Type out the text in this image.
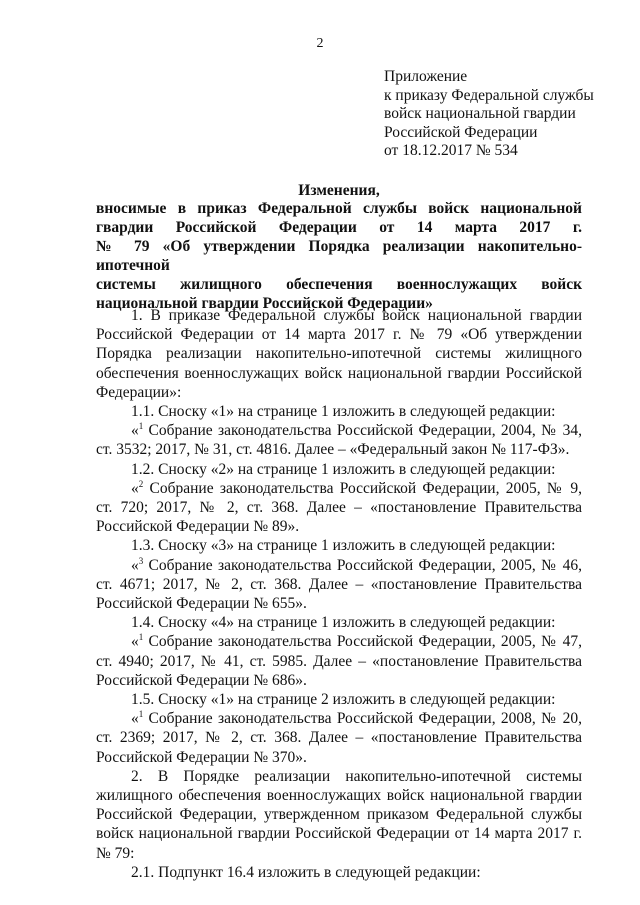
2
Приложение
к приказу Федеральной службы
войск национальной гвардии
Российской Федерации
от 18.12.2017 № 534
Изменения,
вносимые в приказ Федеральной службы войск национальной
гвардии Российской Федерации от 14 марта 2017 г.
№ 79 «Об утверждении Порядка реализации накопительно-ипотечной
системы жилищного обеспечения военнослужащих войск
национальной гвардии Российской Федерации»

1. В приказе Федеральной службы войск национальной гвардии Российской Федерации от 14 марта 2017 г. № 79 «Об утверждении Порядка реализации накопительно-ипотечной системы жилищного обеспечения военнослужащих войск национальной гвардии Российской Федерации»:

1.1. Сноску «1» на странице 1 изложить в следующей редакции:

«$^1$ Собрание законодательства Российской Федерации, 2004, № 34, ст. 3532; 2017, № 31, ст. 4816. Далее – «Федеральный закон № 117-ФЗ».

1.2. Сноску «2» на странице 1 изложить в следующей редакции:

«$^2$ Собрание законодательства Российской Федерации, 2005, № 9, ст. 720; 2017, № 2, ст. 368. Далее – «постановление Правительства Российской Федерации № 89».

1.3. Сноску «3» на странице 1 изложить в следующей редакции:

«$^3$ Собрание законодательства Российской Федерации, 2005, № 46, ст. 4671; 2017, № 2, ст. 368. Далее – «постановление Правительства Российской Федерации № 655».

1.4. Сноску «4» на странице 1 изложить в следующей редакции:

«$^1$ Собрание законодательства Российской Федерации, 2005, № 47, ст. 4940; 2017, № 41, ст. 5985. Далее – «постановление Правительства Российской Федерации № 686».

1.5. Сноску «1» на странице 2 изложить в следующей редакции:

«$^1$ Собрание законодательства Российской Федерации, 2008, № 20, ст. 2369; 2017, № 2, ст. 368. Далее – «постановление Правительства Российской Федерации № 370».

2. В Порядке реализации накопительно-ипотечной системы жилищного обеспечения военнослужащих войск национальной гвардии Российской Федерации, утвержденном приказом Федеральной службы войск национальной гвардии Российской Федерации от 14 марта 2017 г. № 79:

2.1. Подпункт 16.4 изложить в следующей редакции:
